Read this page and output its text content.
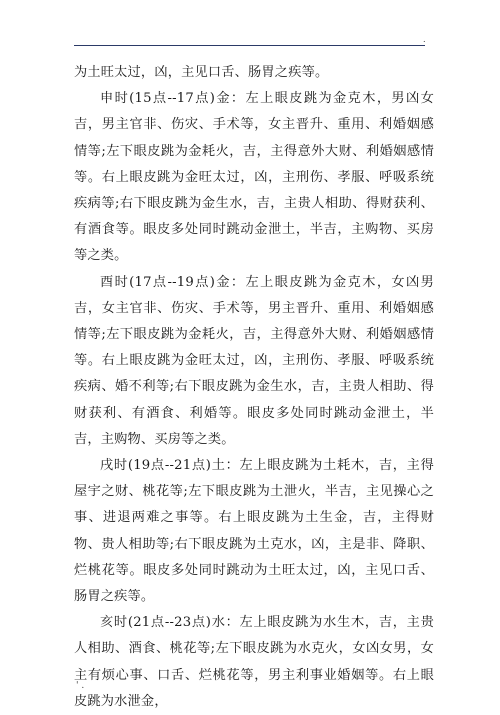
.

为土旺太过，凶，主见口舌、肠胃之疾等。

申时(15点--17点)金：左上眼皮跳为金克木，男凶女吉，男主官非、伤灾、手术等，女主晋升、重用、利婚姻感情等;左下眼皮跳为金耗火，吉，主得意外大财、利婚姻感情等。右上眼皮跳为金旺太过，凶，主刑伤、孝服、呼吸系统疾病等;右下眼皮跳为金生水，吉，主贵人相助、得财获利、有酒食等。眼皮多处同时跳动金泄土，半吉，主购物、买房等之类。

酉时(17点--19点)金：左上眼皮跳为金克木，女凶男吉，女主官非、伤灾、手术等，男主晋升、重用、利婚姻感情等;左下眼皮跳为金耗火，吉，主得意外大财、利婚姻感情等。右上眼皮跳为金旺太过，凶，主刑伤、孝服、呼吸系统疾病、婚不利等;右下眼皮跳为金生水，吉，主贵人相助、得财获利、有酒食、利婚等。眼皮多处同时跳动金泄土，半吉，主购物、买房等之类。

戌时(19点--21点)土：左上眼皮跳为土耗木，吉，主得屋宇之财、桃花等;左下眼皮跳为土泄火，半吉，主见操心之事、进退两难之事等。右上眼皮跳为土生金，吉，主得财物、贵人相助等;右下眼皮跳为土克水，凶，主是非、降职、烂桃花等。眼皮多处同时跳动为土旺太过，凶，主见口舌、肠胃之疾等。

亥时(21点--23点)水：左上眼皮跳为水生木，吉，主贵人相助、酒食、桃花等;左下眼皮跳为水克火，女凶女男，女主有烦心事、口舌、烂桃花等，男主利事业婚姻等。右上眼皮跳为水泄金，

' .
